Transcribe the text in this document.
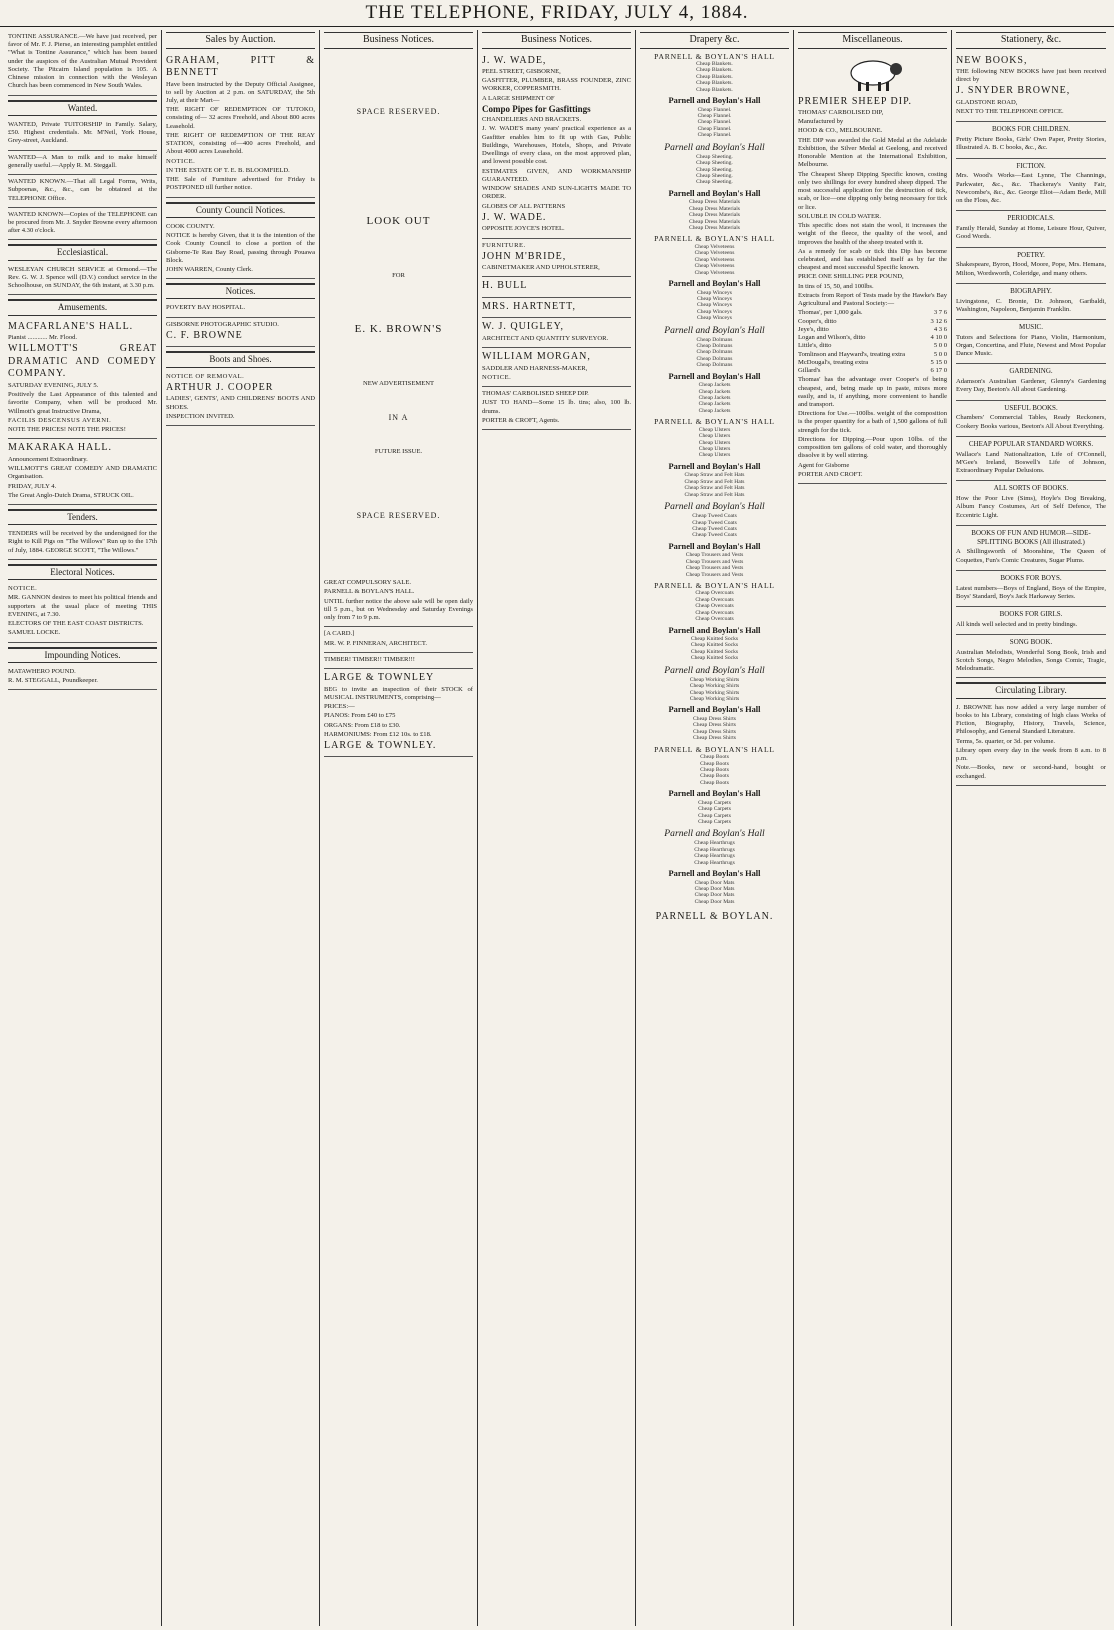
THE TELEPHONE, FRIDAY, JULY 4, 1884.

TONTINE ASSURANCE.—We have just received, per favor of Mr. F. J. Pierse, an interesting pamphlet entitled "What is Tontine Assurance," which has been issued under the auspices of the Australian Mutual Provident Society. The Pitcairn Island population is 105. A Chinese mission in connection with the Wesleyan Church has been commenced in New South Wales.

Wanted.

WANTED, Private TUITORSHIP in Family. Salary, £50. Highest credentials. Mr. M'Neil, York House, Grey-street, Auckland.

WANTED—A Man to milk and to make himself generally useful.—Apply R. M. Steggall.

WANTED KNOWN.—That all Legal Forms, Writs, Subpoenas, &c., &c., can be obtained at the TELEPHONE Office.

WANTED KNOWN—Copies of the TELEPHONE can be procured from Mr. J. Snyder Browne every afternoon after 4.30 o'clock.

Ecclesiastical.

WESLEYAN CHURCH SERVICE at Ormond.—The Rev. G. W. J. Spence will (D.V.) conduct service in the Schoolhouse, on SUNDAY, the 6th instant, at 3.30 p.m.

Amusements.

MACFARLANE'S HALL.

Pianist ............ Mr. Flood.

WILLMOTT'S GREAT DRAMATIC AND COMEDY COMPANY.

SATURDAY EVENING, JULY 5.

Positively the Last Appearance of this talented and favorite Company, when will be produced Mr. Willmott's great Instructive Drama,

FACILIS DESCENSUS AVERNI.

NOTE THE PRICES! NOTE THE PRICES!

MAKARAKA HALL.

Announcement Extraordinary.

WILLMOTT'S GREAT COMEDY AND DRAMATIC Organisation.

FRIDAY, JULY 4.

The Great Anglo-Dutch Drama, STRUCK OIL.

Tenders.

TENDERS will be received by the undersigned for the Right to Kill Pigs on "The Willows" Run up to the 17th of July, 1884. GEORGE SCOTT, "The Willows."

Electoral Notices.

NOTICE.

MR. GANNON desires to meet his political friends and supporters at the usual place of meeting THIS EVENING, at 7.30.

ELECTORS OF THE EAST COAST DISTRICTS.

SAMUEL LOCKE.

Impounding Notices.

MATAWHERO POUND.

R. M. STEGGALL, Poundkeeper.

Sales by Auction.

GRAHAM, PITT & BENNETT

Have been instructed by the Deputy Official Assignee, to sell by Auction at 2 p.m. on SATURDAY, the 5th July, at their Mart—

THE RIGHT OF REDEMPTION OF TUTOKO, consisting of— 32 acres Freehold, and About 800 acres Leasehold.

THE RIGHT OF REDEMPTION OF THE REAY STATION, consisting of—400 acres Freehold, and About 4000 acres Leasehold.

NOTICE.

IN THE ESTATE OF T. E. B. BLOOMFIELD.

THE Sale of Furniture advertised for Friday is POSTPONED till further notice.

County Council Notices.

COOK COUNTY.

NOTICE is hereby Given, that it is the intention of the Cook County Council to close a portion of the Gisborne-Te Rau Bay Road, passing through Pouawa Block.

JOHN WARREN, County Clerk.

Notices.

POVERTY BAY HOSPITAL.

GISBORNE PHOTOGRAPHIC STUDIO.

C. F. BROWNE

Boots and Shoes.

NOTICE OF REMOVAL.

ARTHUR J. COOPER

LADIES', GENTS', AND CHILDRENS' BOOTS AND SHOES.

INSPECTION INVITED.

Business Notices.
SPACE RESERVED.
LOOK OUT
FOR
E. K. BROWN'S
NEW ADVERTISEMENT
IN A
FUTURE ISSUE.
SPACE RESERVED.

GREAT COMPULSORY SALE.

PARNELL & BOYLAN'S HALL.

UNTIL further notice the above sale will be open daily till 5 p.m., but on Wednesday and Saturday Evenings only from 7 to 9 p.m.

[A CARD.]

MR. W. P. FINNERAN, ARCHITECT.

TIMBER! TIMBER!! TIMBER!!!

LARGE & TOWNLEY

BEG to invite an inspection of their STOCK of MUSICAL INSTRUMENTS, comprising—

PRICES:—

PIANOS: From £40 to £75

ORGANS: From £18 to £30.

HARMONIUMS: From £12 10s. to £18.

LARGE & TOWNLEY.

Business Notices.

J. W. WADE,

PEEL STREET, GISBORNE,

GASFITTER, PLUMBER, BRASS FOUNDER, ZINC WORKER, COPPERSMITH.

A LARGE SHIPMENT OF

Compo Pipes for Gasfittings

CHANDELIERS AND BRACKETS.

J. W. WADE'S many years' practical experience as a Gasfitter enables him to fit up with Gas, Public Buildings, Warehouses, Hotels, Shops, and Private Dwellings of every class, on the most approved plan, and lowest possible cost.

ESTIMATES GIVEN, AND WORKMANSHIP GUARANTEED.

WINDOW SHADES AND SUN-LIGHTS MADE TO ORDER.

GLOBES OF ALL PATTERNS

J. W. WADE.

OPPOSITE JOYCE'S HOTEL.

FURNITURE.

JOHN M'BRIDE,

CABINETMAKER AND UPHOLSTERER,

H. BULL

MRS. HARTNETT,

W. J. QUIGLEY,

ARCHITECT AND QUANTITY SURVEYOR.

WILLIAM MORGAN,

SADDLER AND HARNESS-MAKER,

NOTICE.

THOMAS' CARBOLISED SHEEP DIP.

JUST TO HAND—Some 15 lb. tins; also, 100 lb. drums.

PORTER & CROFT, Agents.

Drapery &c.
PARNELL & BOYLAN'S HALL
Cheap Blankets.
Cheap Blankets.
Cheap Blankets.
Cheap Blankets.
Cheap Blankets.
Parnell and Boylan's Hall
Cheap Flannel.
Cheap Flannel.
Cheap Flannel.
Cheap Flannel.
Cheap Flannel.
Parnell and Boylan's Hall
Cheap Sheeting.
Cheap Sheeting.
Cheap Sheeting.
Cheap Sheeting.
Cheap Sheeting.
Parnell and Boylan's Hall
Cheap Dress Materials
Cheap Dress Materials
Cheap Dress Materials
Cheap Dress Materials
Cheap Dress Materials
PARNELL & BOYLAN'S HALL
Cheap Velveteens
Cheap Velveteens
Cheap Velveteens
Cheap Velveteens
Cheap Velveteens
Parnell and Boylan's Hall
Cheap Winceys
Cheap Winceys
Cheap Winceys
Cheap Winceys
Cheap Winceys
Parnell and Boylan's Hall
Cheap Dolmans
Cheap Dolmans
Cheap Dolmans
Cheap Dolmans
Cheap Dolmans
Parnell and Boylan's Hall
Cheap Jackets
Cheap Jackets
Cheap Jackets
Cheap Jackets
Cheap Jackets
PARNELL & BOYLAN'S HALL
Cheap Ulsters
Cheap Ulsters
Cheap Ulsters
Cheap Ulsters
Cheap Ulsters
Parnell and Boylan's Hall
Cheap Straw and Felt Hats
Cheap Straw and Felt Hats
Cheap Straw and Felt Hats
Cheap Straw and Felt Hats
Parnell and Boylan's Hall
Cheap Tweed Coats
Cheap Tweed Coats
Cheap Tweed Coats
Cheap Tweed Coats
Parnell and Boylan's Hall
Cheap Trousers and Vests
Cheap Trousers and Vests
Cheap Trousers and Vests
Cheap Trousers and Vests
PARNELL & BOYLAN'S HALL
Cheap Overcoats
Cheap Overcoats
Cheap Overcoats
Cheap Overcoats
Cheap Overcoats
Parnell and Boylan's Hall
Cheap Knitted Socks
Cheap Knitted Socks
Cheap Knitted Socks
Cheap Knitted Socks
Parnell and Boylan's Hall
Cheap Working Shirts
Cheap Working Shirts
Cheap Working Shirts
Cheap Working Shirts
Parnell and Boylan's Hall
Cheap Dress Shirts
Cheap Dress Shirts
Cheap Dress Shirts
Cheap Dress Shirts
PARNELL & BOYLAN'S HALL
Cheap Boots
Cheap Boots
Cheap Boots
Cheap Boots
Cheap Boots
Parnell and Boylan's Hall
Cheap Carpets
Cheap Carpets
Cheap Carpets
Cheap Carpets
Parnell and Boylan's Hall
Cheap Hearthrugs
Cheap Hearthrugs
Cheap Hearthrugs
Cheap Hearthrugs
Parnell and Boylan's Hall
Cheap Door Mats
Cheap Door Mats
Cheap Door Mats
Cheap Door Mats
PARNELL & BOYLAN.
Miscellaneous.

PREMIER SHEEP DIP.

THOMAS' CARBOLISED DIP,

Manufactured by

HOOD & CO., MELBOURNE.

THE DIP was awarded the Gold Medal at the Adelaide Exhibition, the Silver Medal at Geelong, and received Honorable Mention at the International Exhibition, Melbourne.

The Cheapest Sheep Dipping Specific known, costing only two shillings for every hundred sheep dipped. The most successful application for the destruction of tick, scab, or lice—one dipping only being necessary for tick or lice.

SOLUBLE IN COLD WATER.

This specific does not stain the wool, it increases the weight of the fleece, the quality of the wool, and improves the health of the sheep treated with it.

As a remedy for scab or tick this Dip has become celebrated, and has established itself as by far the cheapest and most successful Specific known.

PRICE ONE SHILLING PER POUND,

In tins of 15, 50, and 100lbs.

Extracts from Report of Tests made by the Hawke's Bay Agricultural and Pastoral Society:—

Thomas', per 1,000 gals.	3 7 6
Cooper's, ditto	3 12 6
Jeye's, ditto	4 3 6
Logan and Wilson's, ditto	4 10 0
Little's, ditto	5 0 0
Tomlinson and Hayward's, treating extra	5 0 0
McDougal's, treating extra	5 15 0
Gillard's	6 17 0

Thomas' has the advantage over Cooper's of being cheapest, and, being made up in paste, mixes more easily, and is, if anything, more convenient to handle and transport.

Directions for Use.—100lbs. weight of the composition is the proper quantity for a bath of 1,500 gallons of full strength for the tick.

Directions for Dipping.—Pour upon 10lbs. of the composition ten gallons of cold water, and thoroughly dissolve it by well stirring.

Agent for Gisborne

PORTER AND CROFT.

Stationery, &c.

NEW BOOKS,

THE following NEW BOOKS have just been received direct by

J. SNYDER BROWNE,

GLADSTONE ROAD,

NEXT TO THE TELEPHONE OFFICE.

BOOKS FOR CHILDREN.

Pretty Picture Books, Girls' Own Paper, Pretty Stories, Illustrated A. B. C books, &c., &c.

FICTION.

Mrs. Wood's Works—East Lynne, The Channings, Parkwater, &c., &c. Thackeray's Vanity Fair, Newcombe's, &c., &c. George Eliot—Adam Bede, Mill on the Floss, &c.

PERIODICALS.

Family Herald, Sunday at Home, Leisure Hour, Quiver, Good Words.

POETRY.

Shakespeare, Byron, Hood, Moore, Pope, Mrs. Hemans, Milton, Wordsworth, Coleridge, and many others.

BIOGRAPHY.

Livingstone, C. Bronte, Dr. Johnson, Garibaldi, Washington, Napoleon, Benjamin Franklin.

MUSIC.

Tutors and Selections for Piano, Violin, Harmonium, Organ, Concertina, and Flute, Newest and Most Popular Dance Music.

GARDENING.

Adamson's Australian Gardener, Glenny's Gardening Every Day, Beeton's All about Gardening.

USEFUL BOOKS.

Chambers' Commercial Tables, Ready Reckoners, Cookery Books various, Beeton's All About Everything.

CHEAP POPULAR STANDARD WORKS.

Wallace's Land Nationalization, Life of O'Connell, M'Gee's Ireland, Boswell's Life of Johnson, Extraordinary Popular Delusions.

ALL SORTS OF BOOKS.

How the Poor Live (Sims), Hoyle's Dog Breaking, Album Fancy Costumes, Art of Self Defence, The Eccentric Light.

BOOKS OF FUN AND HUMOR—SIDE-SPLITTING BOOKS (All illustrated.)

A Shillingsworth of Moonshine, The Queen of Coquettes, Fun's Comic Creatures, Sugar Plums.

BOOKS FOR BOYS.

Latest numbers—Boys of England, Boys of the Empire, Boys' Standard, Boy's Jack Harkaway Series.

BOOKS FOR GIRLS.

All kinds well selected and in pretty bindings.

SONG BOOK.

Australian Melodists, Wonderful Song Book, Irish and Scotch Songs, Negro Melodies, Songs Comic, Tragic, Melodramatic.

Circulating Library.

J. BROWNE has now added a very large number of books to his Library, consisting of high class Works of Fiction, Biography, History, Travels, Science, Philosophy, and General Standard Literature.

Terms, 5s. quarter, or 3d. per volume.

Library open every day in the week from 8 a.m. to 8 p.m.

Note.—Books, new or second-hand, bought or exchanged.
